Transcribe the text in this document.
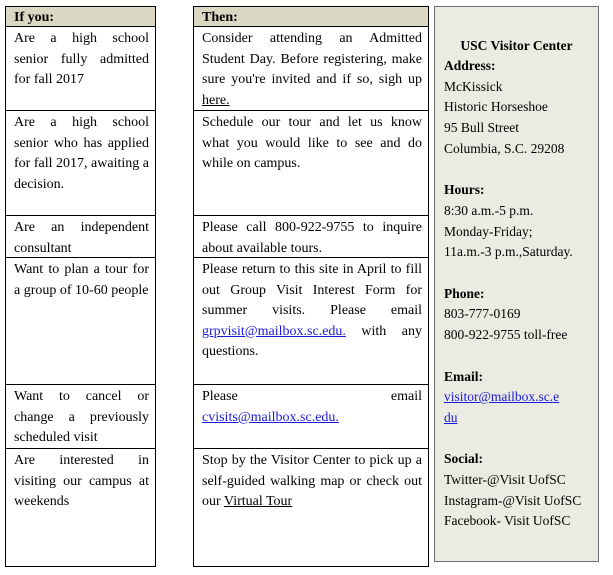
If you:	Then:
Are a high school senior fully admitted for fall 2017
Consider attending an Admitted Student Day. Before registering, make sure you're invited and if so, sigh up here.
Are a high school senior who has applied for fall 2017, awaiting a decision.
Schedule our tour and let us know what you would like to see and do while on campus.
Are an independent consultant
Please call 800-922-9755 to inquire about available tours.
Want to plan a tour for a group of 10-60 people
Please return to this site in April to fill out Group Visit Interest Form for summer visits. Please email grpvisit@mailbox.sc.edu. with any questions.
Want to cancel or change a previously scheduled visit
Please email
cvisits@mailbox.sc.edu.
Are interested in visiting our campus at weekends
Stop by the Visitor Center to pick up a self-guided walking map or check out our Virtual Tour
USC Visitor Center
Address:
McKissick
Historic Horseshoe
95 Bull Street
Columbia, S.C. 29208
Hours:
8:30 a.m.-5 p.m.
Monday-Friday;
11a.m.-3 p.m.,Saturday.
Phone:
803-777-0169
800-922-9755 toll-free
Email:
visitor@mailbox.sc.e
du
Social:
Twitter-@Visit UofSC
Instagram-@Visit UofSC
Facebook- Visit UofSC
